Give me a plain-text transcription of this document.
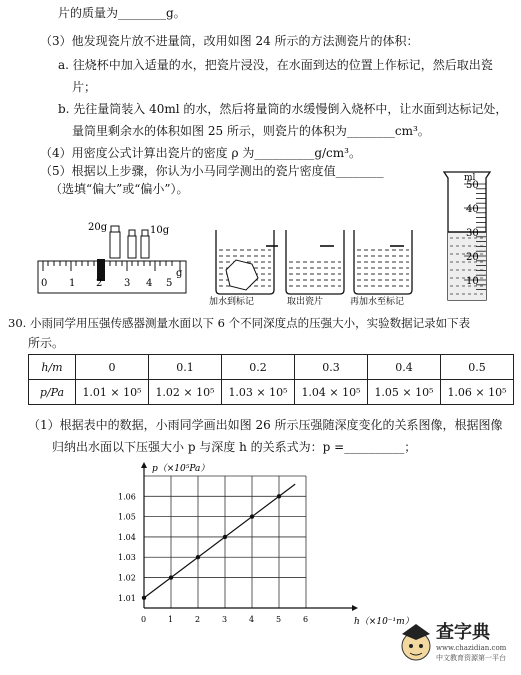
片的质量为________g。
（3）他发现瓷片放不进量筒，改用如图 24 所示的方法测瓷片的体积：
a. 往烧杯中加入适量的水，把瓷片浸没，在水面到达的位置上作标记，然后取出瓷
片；
b. 先往量筒装入 40ml 的水，然后将量筒的水缓慢倒入烧杯中，让水面到达标记处，
量筒里剩余水的体积如图 25 所示，则瓷片的体积为________cm³。
（4）用密度公式计算出瓷片的密度 ρ 为__________g/cm³。
（5）根据以上步骤，你认为小马同学测出的瓷片密度值________
（选填“偏大”或“偏小”）。
20g	10g
0 1 2 3 4 5
g
加水到标记	取出瓷片	再加水至标记
ml
50
40
30
20
10
30. 小雨同学用压强传感器测量水面以下 6 个不同深度点的压强大小，实验数据记录如下表
所示。
h/m	0	0.1	0.2	0.3	0.4	0.5
p/Pa	1.01 × 10⁵	1.02 × 10⁵	1.03 × 10⁵	1.04 × 10⁵	1.05 × 10⁵	1.06 × 10⁵
（1）根据表中的数据，小雨同学画出如图 26 所示压强随深度变化的关系图像，根据图像
归纳出水面以下压强大小 p 与深度 h 的关系式为：p =__________；
p（×10⁵Pa）
h（×10⁻¹m）
1.06
1.05
1.04
1.03
1.02
1.01
0	1	2	3	4	5	6
查字典
www.chazidian.com
中文教育资源第一平台
